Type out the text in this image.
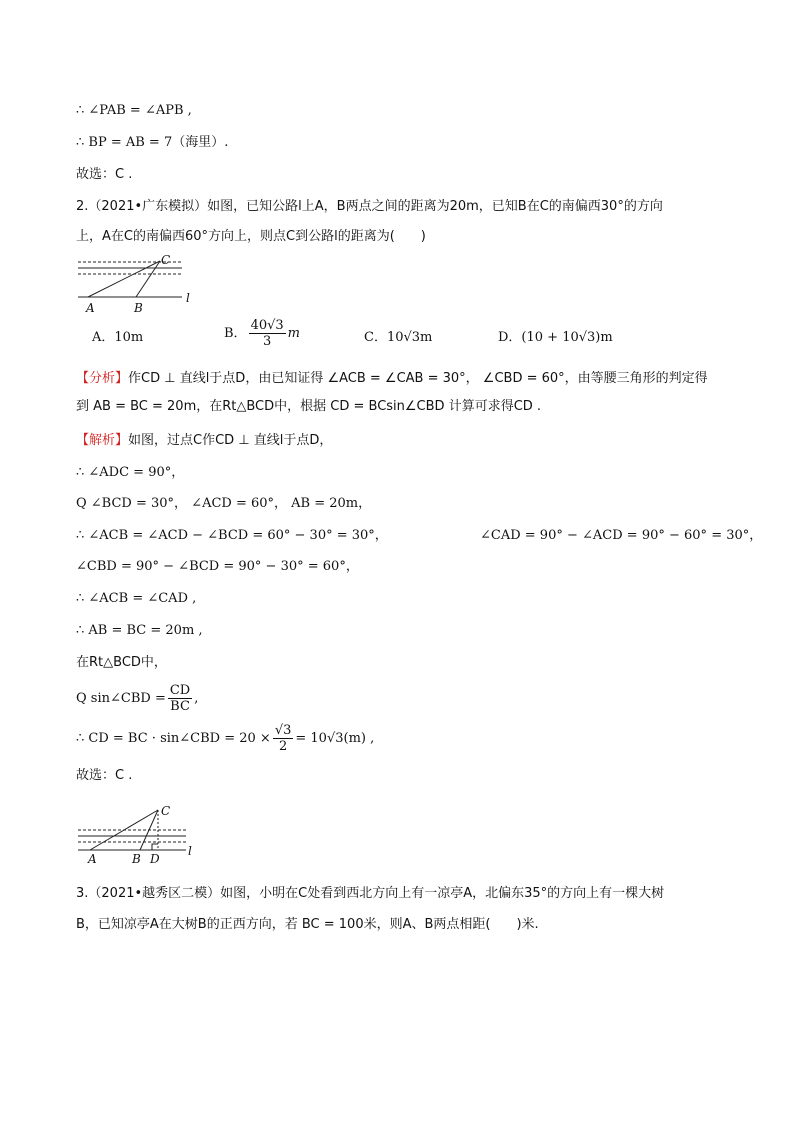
∴ ∠PAB = ∠APB ,
∴ BP = AB = 7（海里）.
故选：C .
2.（2021•广东模拟）如图，已知公路l上A，B两点之间的距离为20m，已知B在C的南偏西30°的方向
上，A在C的南偏西60°方向上，则点C到公路l的距离为(　　)
C
A	B
l
A．10m	B． $\frac{40√3}{3}$ m	C．10√3m	D．(10 + 10√3)m
【分析】作CD ⊥ 直线l于点D，由已知证得 ∠ACB = ∠CAB = 30°， ∠CBD = 60°，由等腰三角形的判定得
到 AB = BC = 20m，在Rt△BCD中，根据 CD = BCsin∠CBD 计算可求得CD .
【解析】如图，过点C作CD ⊥ 直线l于点D，
∴ ∠ADC = 90°，
Q ∠BCD = 30°， ∠ACD = 60°， AB = 20m，
∴ ∠ACB = ∠ACD − ∠BCD = 60° − 30° = 30°，	∠CAD = 90° − ∠ACD = 90° − 60° = 30°，
∠CBD = 90° − ∠BCD = 90° − 30° = 60°，
∴ ∠ACB = ∠CAD ,
∴ AB = BC = 20m ,
在Rt△BCD中，
Q sin∠CBD = $\frac{CD}{BC}$ ,
∴ CD = BC · sin∠CBD = $20 \times \frac{√3}{2} = 10√3(m)$ ,
故选：C .
C
A	B D
l
3.（2021•越秀区二模）如图，小明在C处看到西北方向上有一凉亭A，北偏东35°的方向上有一棵大树
B，已知凉亭A在大树B的正西方向，若 BC = 100米，则A、B两点相距(　　)米.
